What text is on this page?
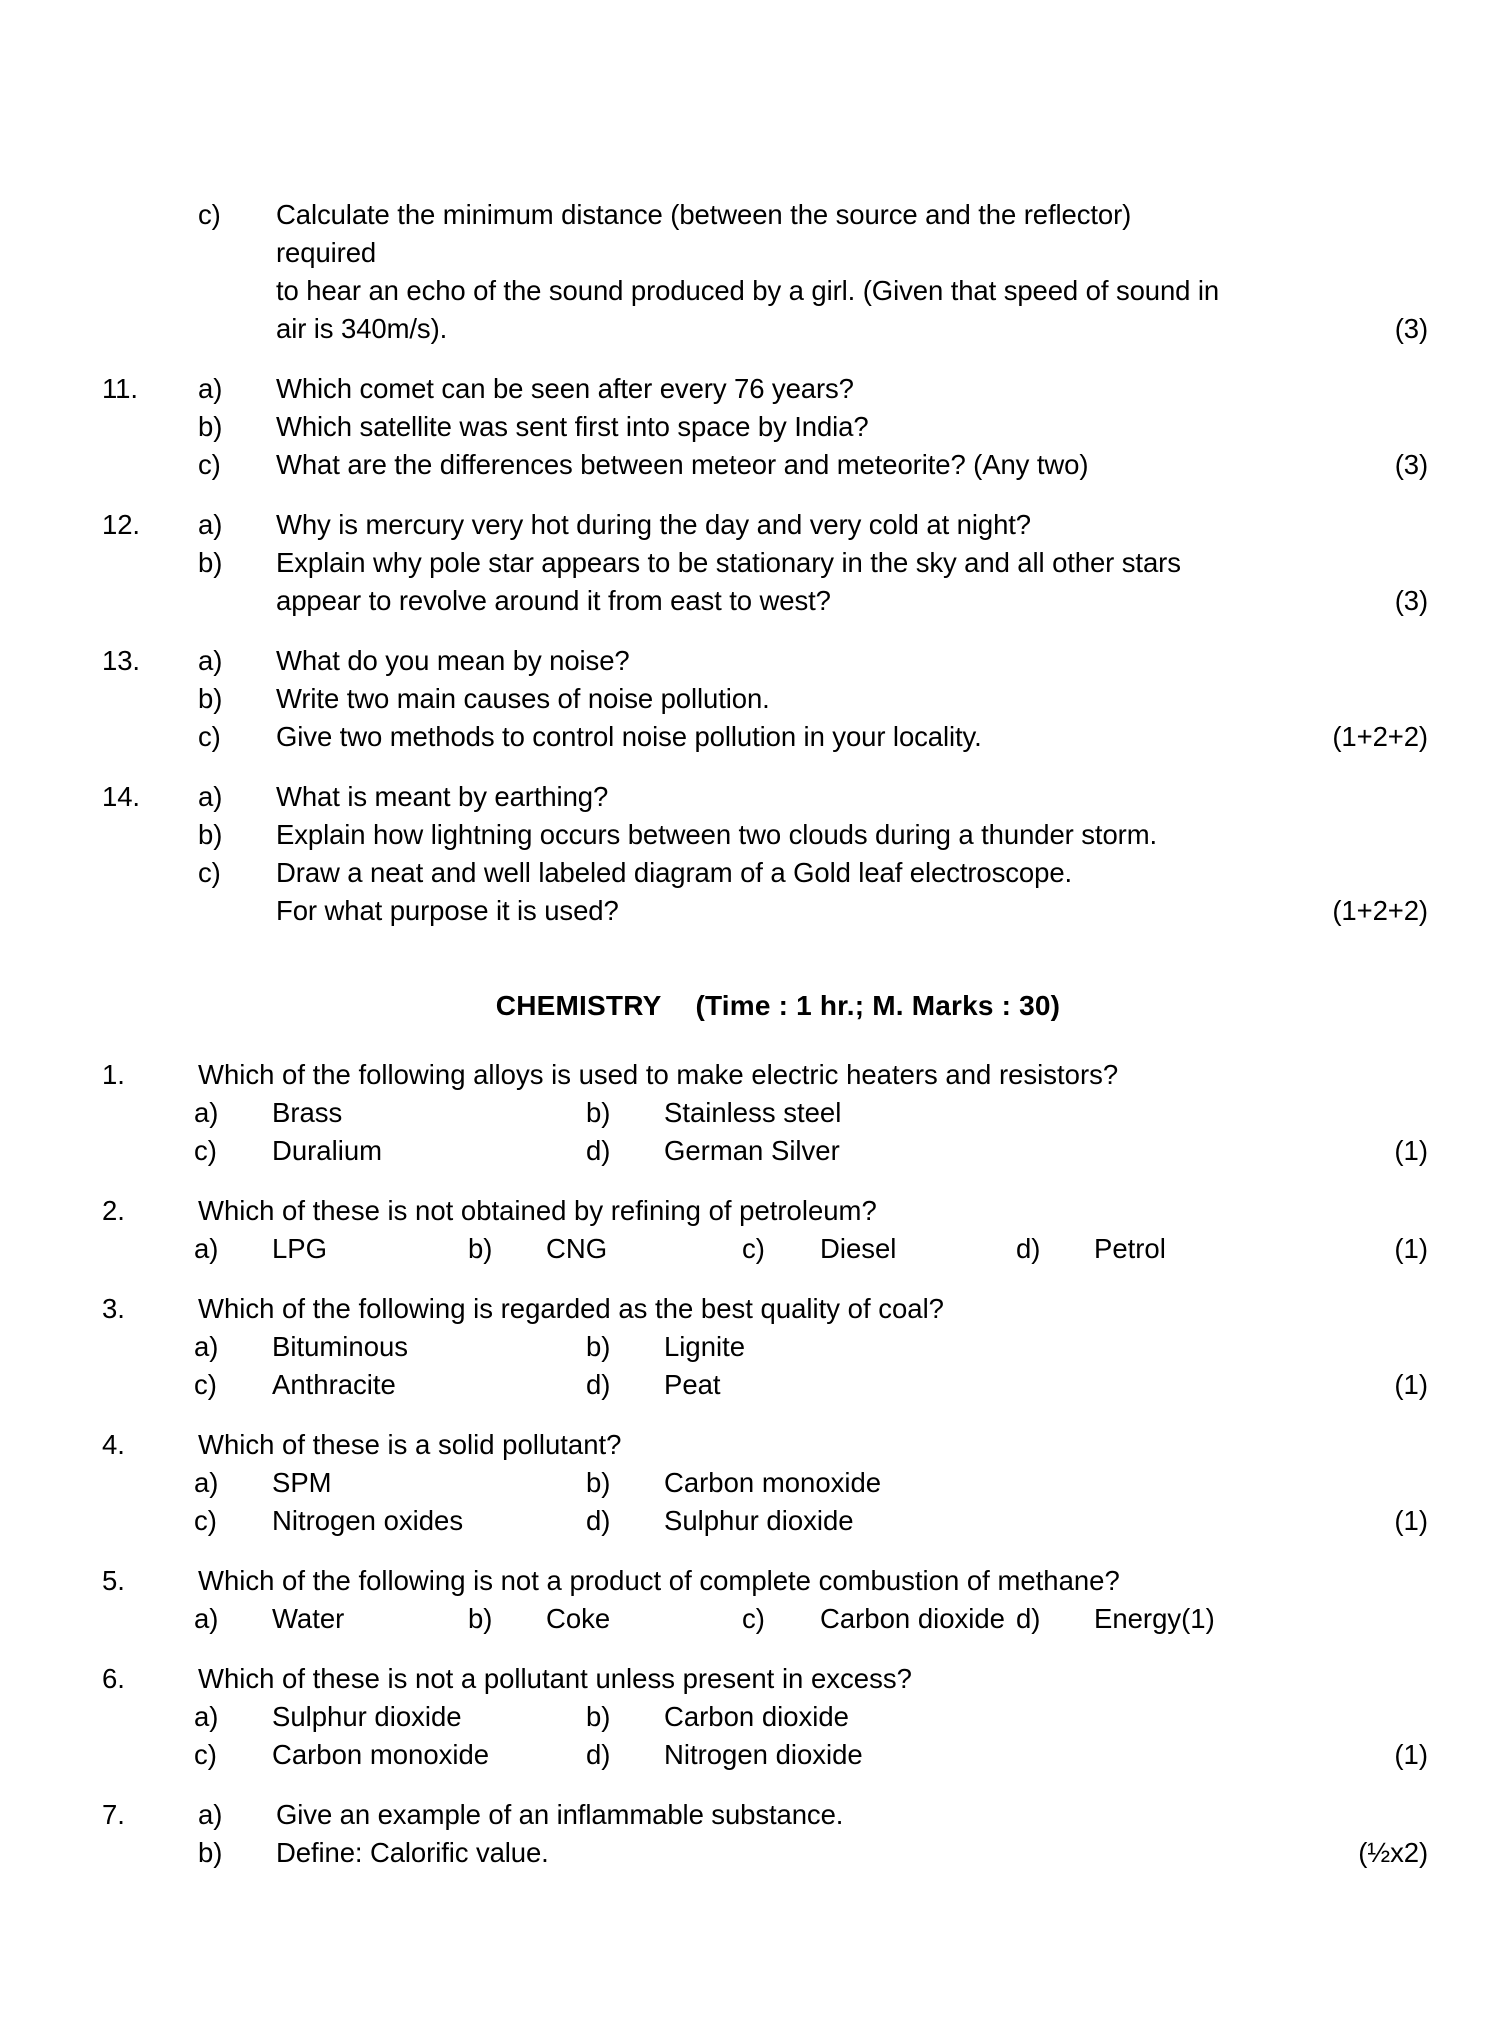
c)	Calculate the minimum distance (between the source and the reflector)
required
to hear an echo of the sound produced by a girl. (Given that speed of sound in
air is 340m/s).	(3)
11.	a)	Which comet can be seen after every 76 years?
b)	Which satellite was sent first into space by India?
c)	What are the differences between meteor and meteorite? (Any two)	(3)
12.	a)	Why is mercury very hot during the day and very cold at night?
b)	Explain why pole star appears to be stationary in the sky and all other stars
appear to revolve around it from east to west?	(3)
13.	a)	What do you mean by noise?
b)	Write two main causes of noise pollution.
c)	Give two methods to control noise pollution in your locality.	(1+2+2)
14.	a)	What is meant by earthing?
b)	Explain how lightning occurs between two clouds during a thunder storm.
c)	Draw a neat and well labeled diagram of a Gold leaf electroscope.
For what purpose it is used?	(1+2+2)
CHEMISTRY (Time : 1 hr.; M. Marks : 30)
1.	Which of the following alloys is used to make electric heaters and resistors?
a)	Brass	b)	Stainless steel
c)	Duralium	d)	German Silver	(1)
2.	Which of these is not obtained by refining of petroleum?
a)	LPG	b)	CNG	c)	Diesel	d)	Petrol	(1)
3.	Which of the following is regarded as the best quality of coal?
a)	Bituminous	b)	Lignite
c)	Anthracite	d)	Peat	(1)
4.	Which of these is a solid pollutant?
a)	SPM	b)	Carbon monoxide
c)	Nitrogen oxides	d)	Sulphur dioxide	(1)
5.	Which of the following is not a product of complete combustion of methane?
a)	Water	b)	Coke	c)	Carbon dioxide d)	Energy(1)
6.	Which of these is not a pollutant unless present in excess?
a)	Sulphur dioxide	b)	Carbon dioxide
c)	Carbon monoxide	d)	Nitrogen dioxide	(1)
7.	a)	Give an example of an inflammable substance.
b)	Define: Calorific value.	(½x2)
